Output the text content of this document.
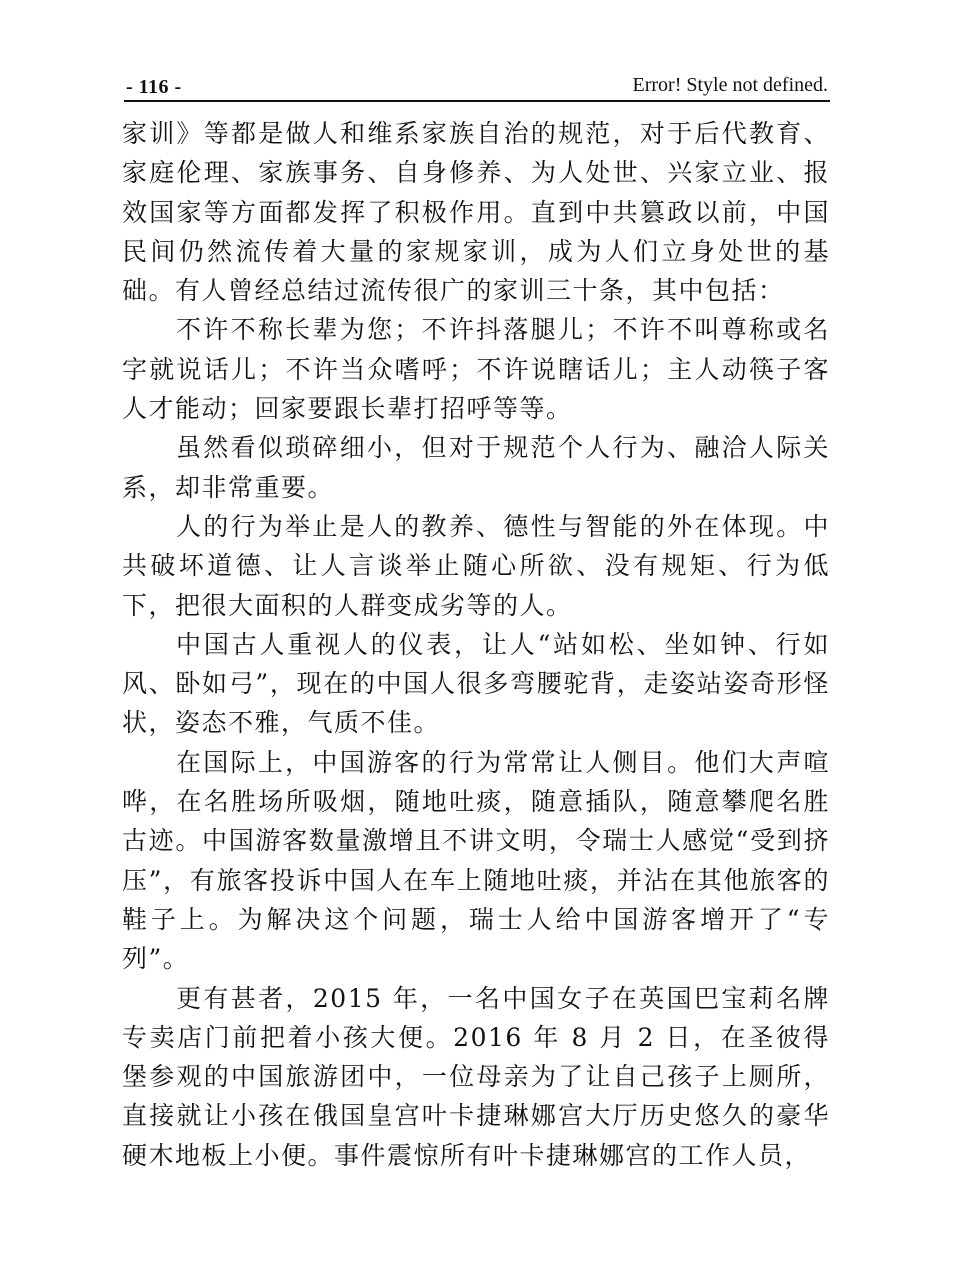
- 116 -	Error! Style not defined.

家训》等都是做人和维系家族自治的规范，对于后代教育、家庭伦理、家族事务、自身修养、为人处世、兴家立业、报效国家等方面都发挥了积极作用。直到中共篡政以前，中国民间仍然流传着大量的家规家训，成为人们立身处世的基础。有人曾经总结过流传很广的家训三十条，其中包括：

不许不称长辈为您；不许抖落腿儿；不许不叫尊称或名字就说话儿；不许当众嗜呼；不许说瞎话儿；主人动筷子客人才能动；回家要跟长辈打招呼等等。

虽然看似琐碎细小，但对于规范个人行为、融洽人际关系，却非常重要。

人的行为举止是人的教养、德性与智能的外在体现。中共破坏道德、让人言谈举止随心所欲、没有规矩、行为低下，把很大面积的人群变成劣等的人。

中国古人重视人的仪表，让人“站如松、坐如钟、行如风、卧如弓”，现在的中国人很多弯腰驼背，走姿站姿奇形怪状，姿态不雅，气质不佳。

在国际上，中国游客的行为常常让人侧目。他们大声喧哗，在名胜场所吸烟，随地吐痰，随意插队，随意攀爬名胜古迹。中国游客数量激增且不讲文明，令瑞士人感觉“受到挤压”，有旅客投诉中国人在车上随地吐痰，并沾在其他旅客的鞋子上。为解决这个问题，瑞士人给中国游客增开了“专列”。

更有甚者，2015 年，一名中国女子在英国巴宝莉名牌专卖店门前把着小孩大便。2016 年 8 月 2 日，在圣彼得堡参观的中国旅游团中，一位母亲为了让自己孩子上厕所，直接就让小孩在俄国皇宫叶卡捷琳娜宫大厅历史悠久的豪华硬木地板上小便。事件震惊所有叶卡捷琳娜宫的工作人员，
